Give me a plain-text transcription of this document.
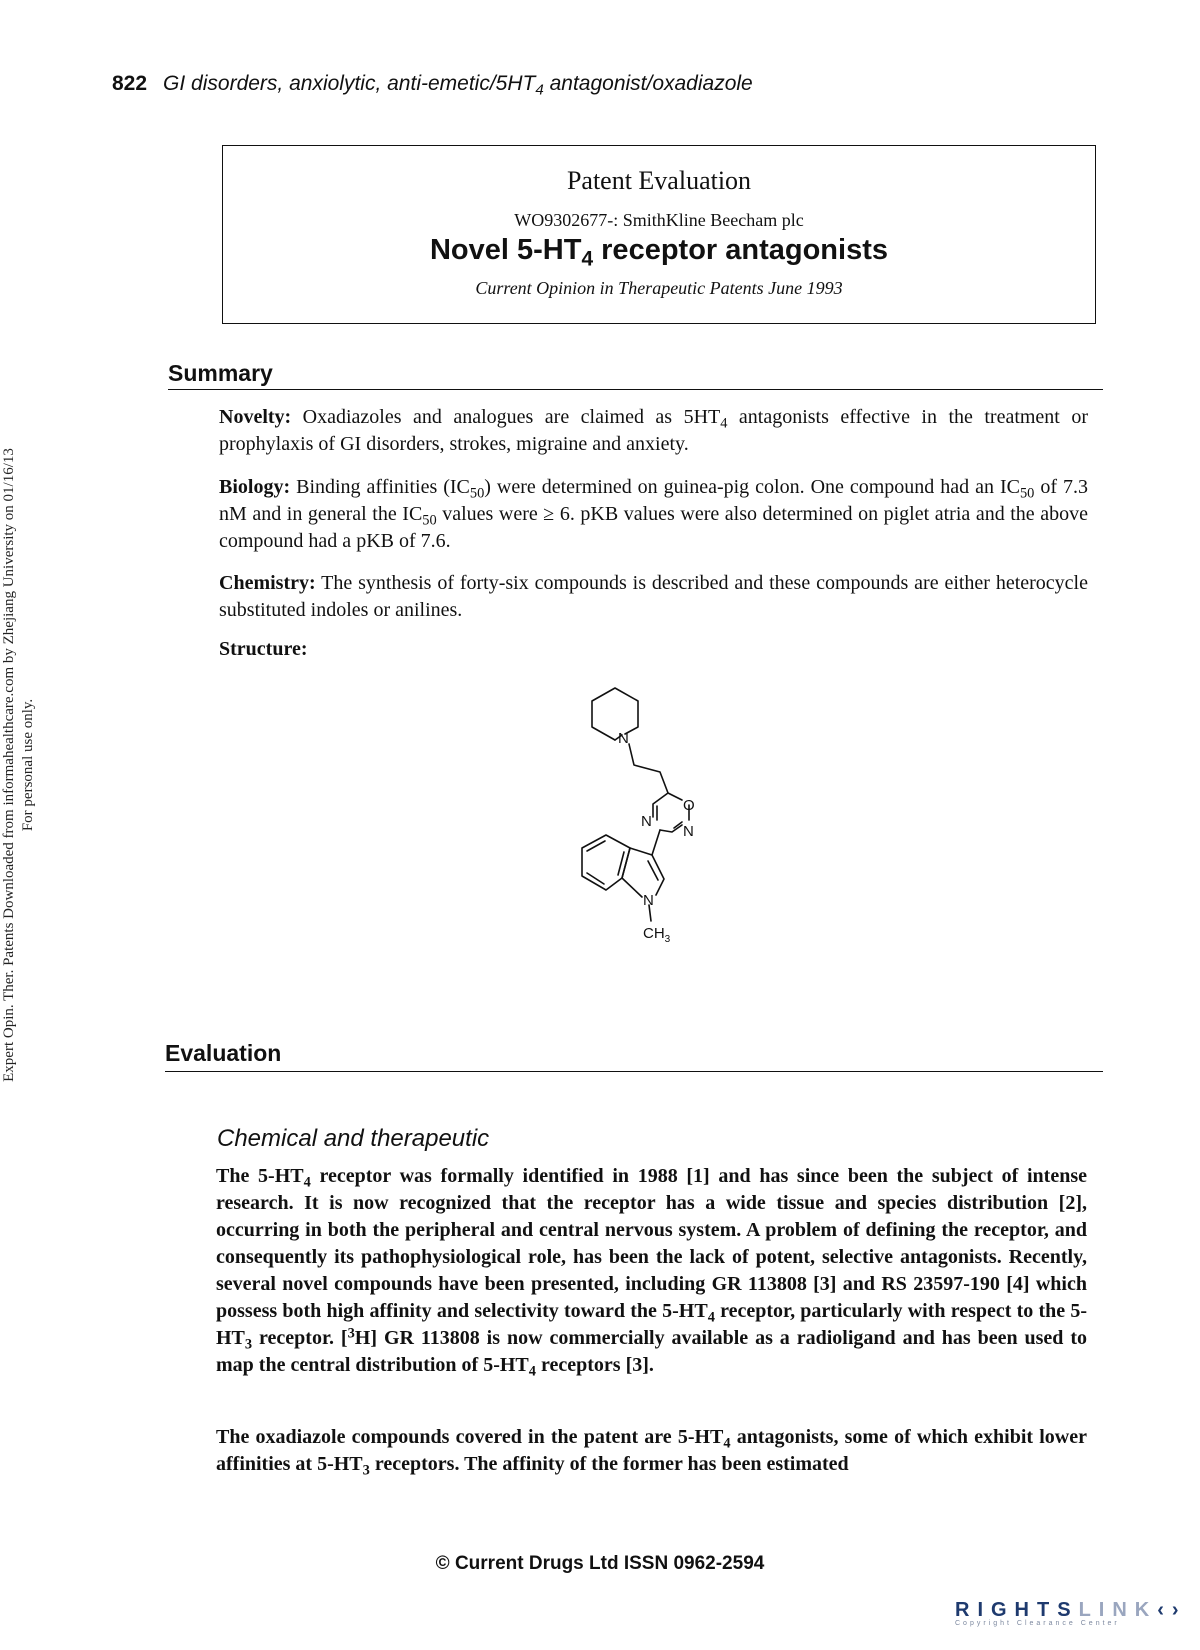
822 GI disorders, anxiolytic, anti-$emetic/5HT_4$ antagonist/oxadiazole
Expert Opin. Ther. Patents Downloaded from informahealthcare.com by Zhejiang University on 01/16/13 For personal use only.
Patent Evaluation
WO9302677-: SmithKline Beecham plc
Novel $5-HT_4$ receptor antagonists
Current Opinion in Therapeutic Patents June 1993
Summary
Novelty: Oxadiazoles and analogues are claimed as $5HT_4$ antagonists effective in the treatment or prophylaxis of GI disorders, strokes, migraine and anxiety.
Biology: Binding affinities $(IC_{50})$ were determined on guinea-pig colon. One compound had an $IC_{50}$ of 7.3 nM and in general the $IC_{50}$ values were ≥ 6. pKB values were also determined on piglet atria and the above compound had a pKB of 7.6.
Chemistry: The synthesis of forty-six compounds is described and these compounds are either heterocycle substituted indoles or anilines.
Structure:
N
O
N
N
N
$CH_3$
Evaluation
Chemical and therapeutic
The $5-HT_4$ receptor was formally identified in 1988 [1] and has since been the subject of intense research. It is now recognized that the receptor has a wide tissue and species distribution [2], occurring in both the peripheral and central nervous system. A problem of defining the receptor, and consequently its pathophysiological role, has been the lack of potent, selective antagonists. Recently, several novel compounds have been presented, including GR 113808 [3] and RS 23597-190 [4] which possess both high affinity and selectivity toward the $5-HT_4$ receptor, particularly with respect to the $5-HT_3$ receptor. [$^3$H] GR 113808 is now commercially available as a radioligand and has been used to map the central distribution of $5-HT_4$ receptors [3].
The oxadiazole compounds covered in the patent are $5-HT_4$ antagonists, some of which exhibit lower affinities at $5-HT_3$ receptors. The affinity of the former has been estimated
© Current Drugs Ltd ISSN 0962-2594
RIGHTSLINK‹›
Copyright Clearance Center
